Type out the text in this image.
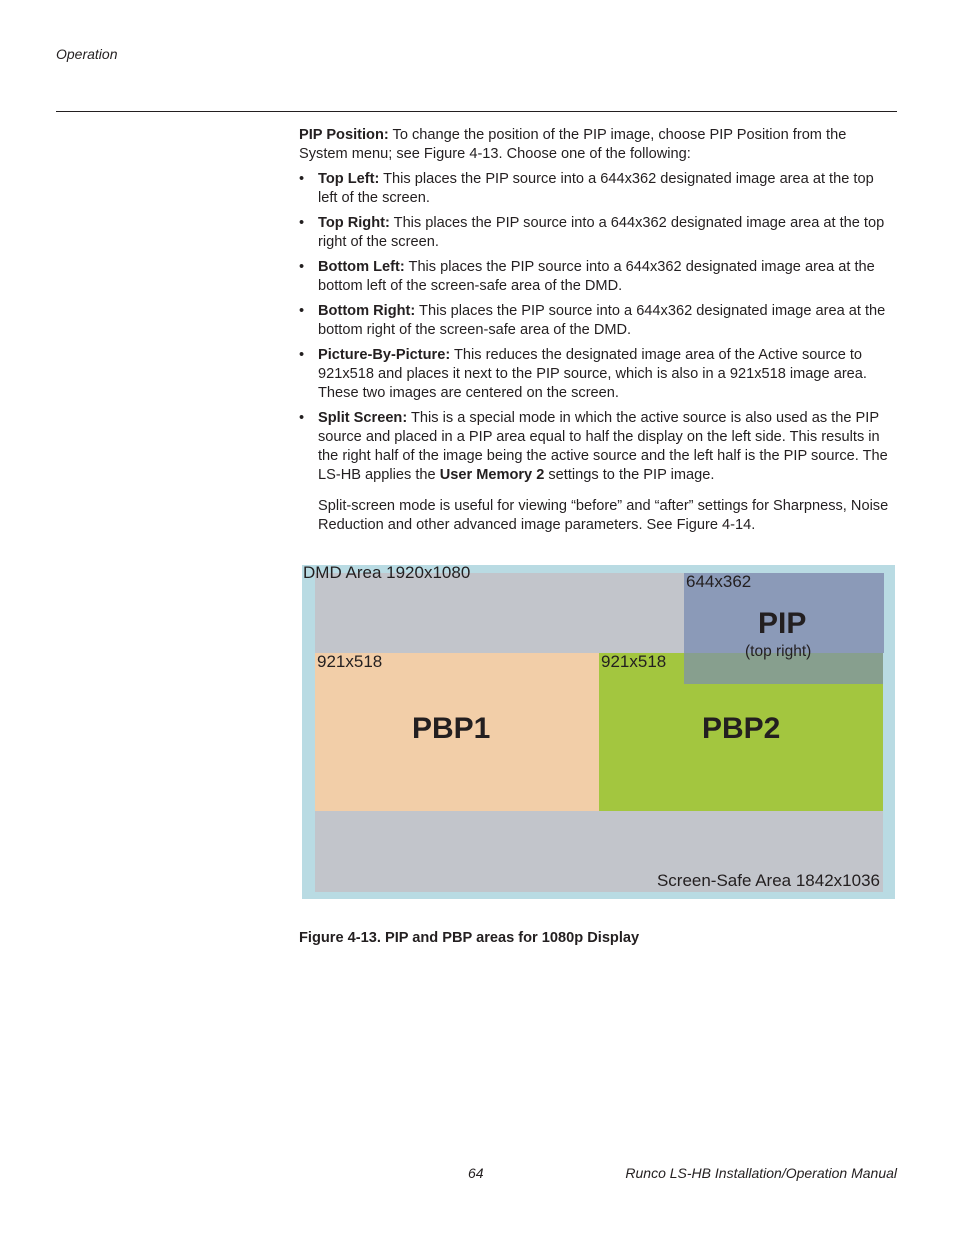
Operation

PIP Position: To change the position of the PIP image, choose PIP Position from the System menu; see Figure 4-13. Choose one of the following:

• Top Left: This places the PIP source into a 644x362 designated image area at the top left of the screen.
• Top Right: This places the PIP source into a 644x362 designated image area at the top right of the screen.
• Bottom Left: This places the PIP source into a 644x362 designated image area at the bottom left of the screen-safe area of the DMD.
• Bottom Right: This places the PIP source into a 644x362 designated image area at the bottom right of the screen-safe area of the DMD.
• Picture-By-Picture: This reduces the designated image area of the Active source to 921x518 and places it next to the PIP source, which is also in a 921x518 image area. These two images are centered on the screen.
• Split Screen: This is a special mode in which the active source is also used as the PIP source and placed in a PIP area equal to half the display on the left side. This results in the right half of the image being the active source and the left half is the PIP source. The LS-HB applies the User Memory 2 settings to the PIP image.

Split-screen mode is useful for viewing “before” and “after” settings for Sharpness, Noise Reduction and other advanced image parameters. See Figure 4-14.

921x518
PBP1
921x518
PBP2
644x362
PIP
(top right)
DMD Area 1920x1080
Screen-Safe Area 1842x1036
Figure 4-13. PIP and PBP areas for 1080p Display
64	Runco LS-HB Installation/Operation Manual
